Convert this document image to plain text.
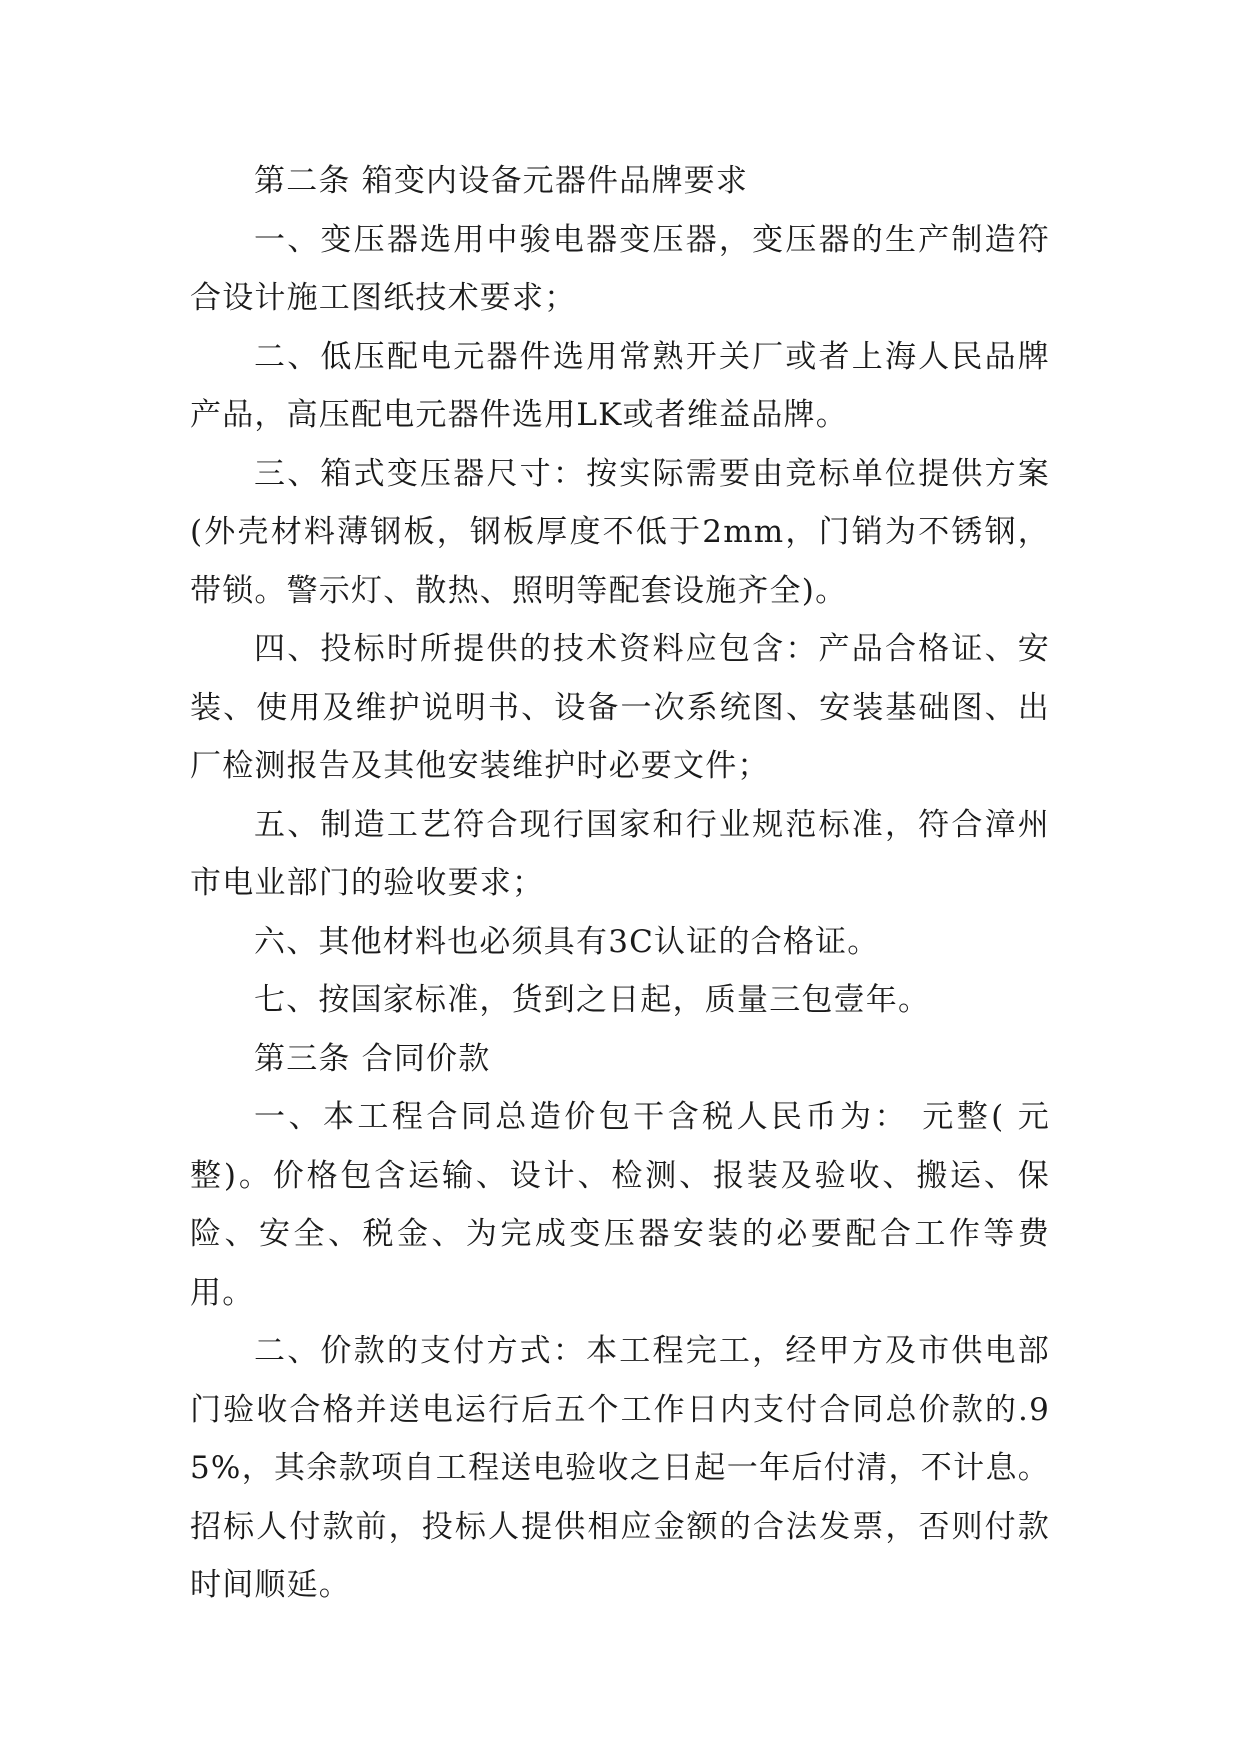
第二条 箱变内设备元器件品牌要求

一、变压器选用中骏电器变压器，变压器的生产制造符合设计施工图纸技术要求；

二、低压配电元器件选用常熟开关厂或者上海人民品牌产品，高压配电元器件选用LK或者维益品牌。

三、箱式变压器尺寸：按实际需要由竞标单位提供方案(外壳材料薄钢板，钢板厚度不低于2mm，门销为不锈钢，带锁。警示灯、散热、照明等配套设施齐全)。

四、投标时所提供的技术资料应包含：产品合格证、安装、使用及维护说明书、设备一次系统图、安装基础图、出厂检测报告及其他安装维护时必要文件；

五、制造工艺符合现行国家和行业规范标准，符合漳州市电业部门的验收要求；

六、其他材料也必须具有3C认证的合格证。

七、按国家标准，货到之日起，质量三包壹年。

第三条 合同价款

一、本工程合同总造价包干含税人民币为： 元整( 元整)。价格包含运输、设计、检测、报装及验收、搬运、保险、安全、税金、为完成变压器安装的必要配合工作等费用。

二、价款的支付方式：本工程完工，经甲方及市供电部门验收合格并送电运行后五个工作日内支付合同总价款的.95%，其余款项自工程送电验收之日起一年后付清，不计息。招标人付款前，投标人提供相应金额的合法发票，否则付款时间顺延。
